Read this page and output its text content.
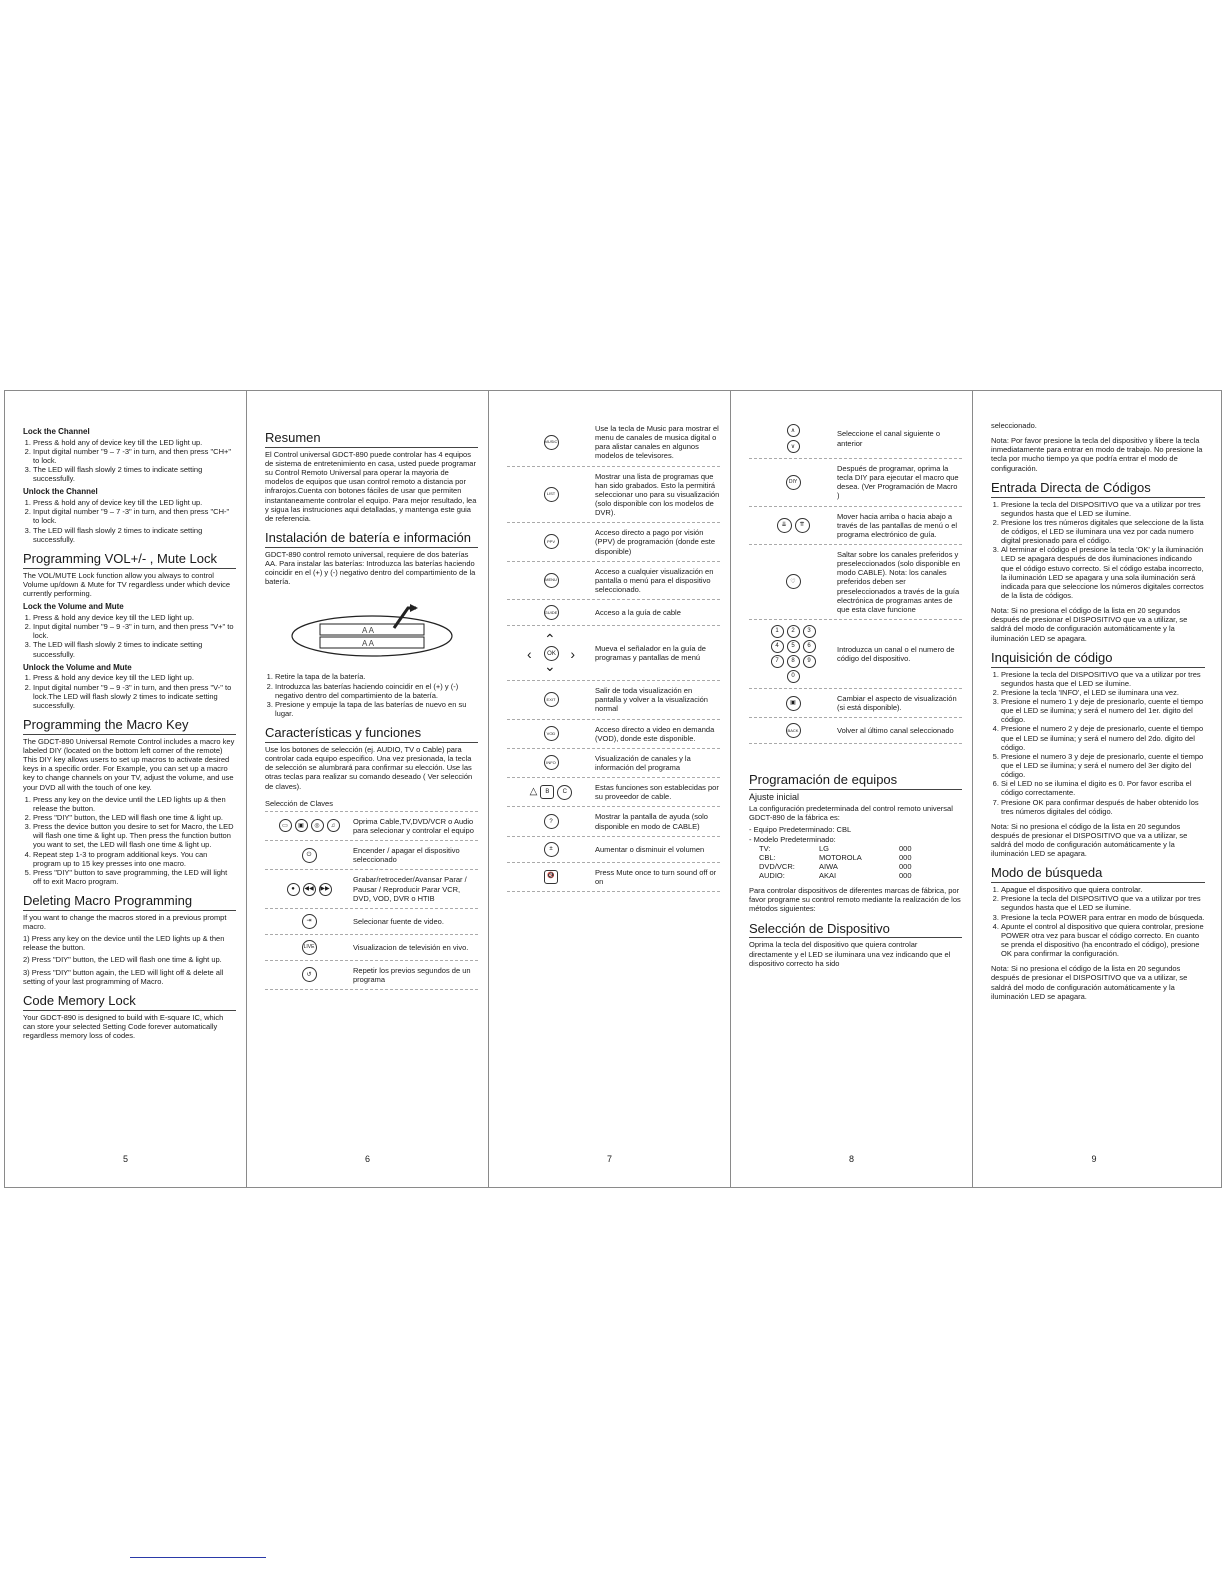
Lock the Channel
1. Press & hold any of device key till the LED light up.
2. Input digital number "9 – 7 -3" in turn, and then press "CH+" to lock.
3. The LED will flash slowly 2 times to indicate setting successfully.
Unlock the Channel
1. Press & hold any of device key till the LED light up.
2. Input digital number "9 – 7 -3" in turn, and then press "CH-" to lock.
3. The LED will flash slowly 2 times to indicate setting successfully.
Programming VOL+/- , Mute Lock

The VOL/MUTE Lock function allow you always to control Volume up/down & Mute for TV regardless under which device currently performing.

Lock the Volume and Mute
1. Press & hold any device key till the LED light up.
2. Input digital number "9 – 9 -3" in turn, and then press "V+" to lock.
3. The LED will flash slowly 2 times to indicate setting successfully.
Unlock the Volume and Mute
1. Press & hold any device key till the LED light up.
2. Input digital number "9 – 9 -3" in turn, and then press "V-" to lock.The LED will flash slowly 2 times to indicate setting successfully.
Programming the Macro Key

The GDCT-890 Universal Remote Control includes a macro key labeled DIY (located on the bottom left corner of the remote) This DIY key allows users to set up macros to activate desired keys in a specific order. For Example, you can set up a macro key to change channels on your TV, adjust the volume, and use your DVD all with the touch of one key.

1. Press any key on the device until the LED lights up & then release the button.
2. Press "DIY" button, the LED will flash one time & light up.
3. Press the device button you desire to set for Macro, the LED will flash one time & light up. Then press the function button you want to set, the LED will flash one time & light up.
4. Repeat step 1-3 to program additional keys. You can program up to 15 key presses into one macro.
5. Press "DIY" button to save programming, the LED will light off to exit Macro program.
Deleting Macro Programming

If you want to change the macros stored in a previous prompt macro.

1) Press any key on the device until the LED lights up & then release the button.

2) Press "DIY" button, the LED will flash one time & light up.

3) Press "DIY" button again, the LED will light off & delete all setting of your last programming of Macro.

Code Memory Lock

Your GDCT-890 is designed to build with E-square IC, which can store your selected Setting Code forever automatically regardless memory loss of codes.

5
Resumen

El Control universal GDCT-890 puede controlar has 4 equipos de sistema de entretenimiento en casa, usted puede programar su Control Remoto Universal para operar la mayoria de modelos de equipos que usan control remoto a distancia por infrarojos.Cuenta con botones fáciles de usar que permiten instantaneamente controlar el equipo. Para mejor resultado, lea y sigua las instruciones aqui detalladas, y mantenga este guia de referencia.

Instalación de batería e información

GDCT-890 control remoto universal, requiere de dos baterías AA. Para instalar las baterías: Introduzca las baterías haciendo coincidir en el (+) y (-) negativo dentro del compartimiento de la batería.

A A
A A
1. Retire la tapa de la batería.
2. Introduzca las baterías haciendo coincidir en el (+) y (-) negativo dentro del compartimiento de la batería.
3. Presione y empuje la tapa de las baterías de nuevo en su lugar.
Características y funciones

Use los botones de selección (ej. AUDIO, TV o Cable) para controlar cada equipo especifico. Una vez presionada, la tecla de selección se alumbrará para confirmar su elección. Use las otras teclas para realizar su comando deseado ( Ver selección de claves).

Selección de Claves

▭	▣	◎	♫
Oprima Cable,TV,DVD/VCR o Audio para selecionar y controlar el equipo
⏻
Encender / apagar el dispositivo seleccionado
●	◀◀	▶▶
Grabar/retroceder/Avansar Parar / Pausar / Reproducir Parar VCR, DVD, VOD, DVR o HTIB
⇥	Selecionar fuente de video.
LIVE	Visualizacion de televisión en vivo.
↺
Repetir los previos segundos de un programa
6
MUSIC
Use la tecla de Music para mostrar el menu de canales de musica digital o para alistar canales en algunos modelos de televisores.
LIST
Mostrar una lista de programas que han sido grabados. Esto la permitirá seleccionar uno para su visualización (solo disponible con los modelos de DVR).
PPV
Acceso directo a pago por visión (PPV) de programación (donde este disponible)
MENU
Acceso a cualquier visualización en pantalla o menú para el dispositivo seleccionado.
GUIDE	Acceso a la guía de cable
⌃
‹	OK ›
⌄
Mueva el señalador en la guía de programas y pantallas de menú
EXIT
Salir de toda visualización en pantalla y volver a la visualización normal
VOD	Acceso directo a video en demanda (VOD), donde este disponible.
INFO	Visualización de canales y la información del programa
△	B	C
Estas funciones son establecidas por su proveedor de cable.
?
Mostrar la pantalla de ayuda (solo disponible en modo de CABLE)
±	Aumentar o disminuir el volumen
🔇	Press Mute once to turn sound off or on
7
∧
∨
Seleccione el canal siguiente o anterior
DIY
Después de programar, oprima la tecla DIY para ejecutar el macro que desea. (Ver Programación de Macro )
⇊	⇈
Mover hacia arriba o hacia abajo a través de las pantallas de menú o el programa electrónico de guía.
♡
Saltar sobre los canales preferidos y preseleccionados (solo disponible en modo CABLE). Nota: los canales preferidos deben ser preseleccionados a través de la guía electrónica de programas antes de que esta clave funcione
1	2	3
4	5	6
7	8	9
0
Introduzca un canal o el numero de código del dispositivo.
▣
Cambiar el aspecto de visualización (si está disponible).
BACK	Volver al último canal seleccionado
Programación de equipos
Ajuste inicial

La configuración predeterminada del control remoto universal GDCT-890 de la fábrica es:

- Equipo Predeterminado: CBL
- Modelo Predeterminado:
TV:	LG	000
CBL:	MOTOROLA	000
DVD/VCR:	AIWA	000
AUDIO:	AKAI	000

Para controlar dispositivos de diferentes marcas de fábrica, por favor programe su control remoto mediante la realización de los métodos siguientes:

Selección de Dispositivo

Oprima la tecla del dispositivo que quiera controlar directamente y el LED se iluminara una vez indicando que el dispositivo correcto ha sido

8

seleccionado.

Nota: Por favor presione la tecla del dispositivo y libere la tecla inmediatamente para entrar en modo de trabajo. No presione la tecla por mucho tiempo ya que podría entrar el modo de configuración.

Entrada Directa de Códigos
1. Presione la tecla del DISPOSITIVO que va a utilizar por tres segundos hasta que el LED se ilumine.
2. Presione los tres números digitales que seleccione de la lista de códigos, el LED se iluminara una vez por cada numero digital presionado para el código.
3. Al terminar el código el presione la tecla 'OK' y la iluminación LED se apagara después de dos iluminaciones indicando que el código estuvo correcto. Si el código estaba incorrecto, la iluminación LED se apagara y una sola iluminación será indicada para que seleccione los números digitales correctos de la lista de códigos.

Nota: Si no presiona el código de la lista en 20 segundos después de presionar el DISPOSITIVO que va a utilizar, se saldrá del modo de configuración automáticamente y la iluminación LED se apagara.

Inquisición de código
1. Presione la tecla del DISPOSITIVO que va a utilizar por tres segundos hasta que el LED se ilumine.
2. Presione la tecla 'INFO', el LED se iluminara una vez.
3. Presione el numero 1 y deje de presionarlo, cuente el tiempo que el LED se ilumina; y será el numero del 1er. digito del código.
4. Presione el numero 2 y deje de presionarlo, cuente el tiempo que el LED se ilumina; y será el numero del 2do. digito del código.
5. Presione el numero 3 y deje de presionarlo, cuente el tiempo que el LED se ilumina; y será el numero del 3er digito del código.
6. Si el LED no se ilumina el digito es 0. Por favor escriba el código correctamente.
7. Presione OK para confirmar después de haber obtenido los tres números digitales del código.

Nota: Si no presiona el código de la lista en 20 segundos después de presionar el DISPOSITIVO que va a utilizar, se saldrá del modo de configuración automáticamente y la iluminación LED se apagara.

Modo de búsqueda
1. Apague el dispositivo que quiera controlar.
2. Presione la tecla del DISPOSITIVO que va a utilizar por tres segundos hasta que el LED se ilumine.
3. Presione la tecla POWER para entrar en modo de búsqueda.
4. Apunte el control al dispositivo que quiera controlar, presione POWER otra vez para buscar el código correcto. En cuanto se prenda el dispositivo (ha encontrado el código), presione OK para confirmar la configuración.

Nota: Si no presiona el código de la lista en 20 segundos después de presionar el DISPOSITIVO que va a utilizar, se saldrá del modo de configuración automáticamente y la iluminación LED se apagara.

9
